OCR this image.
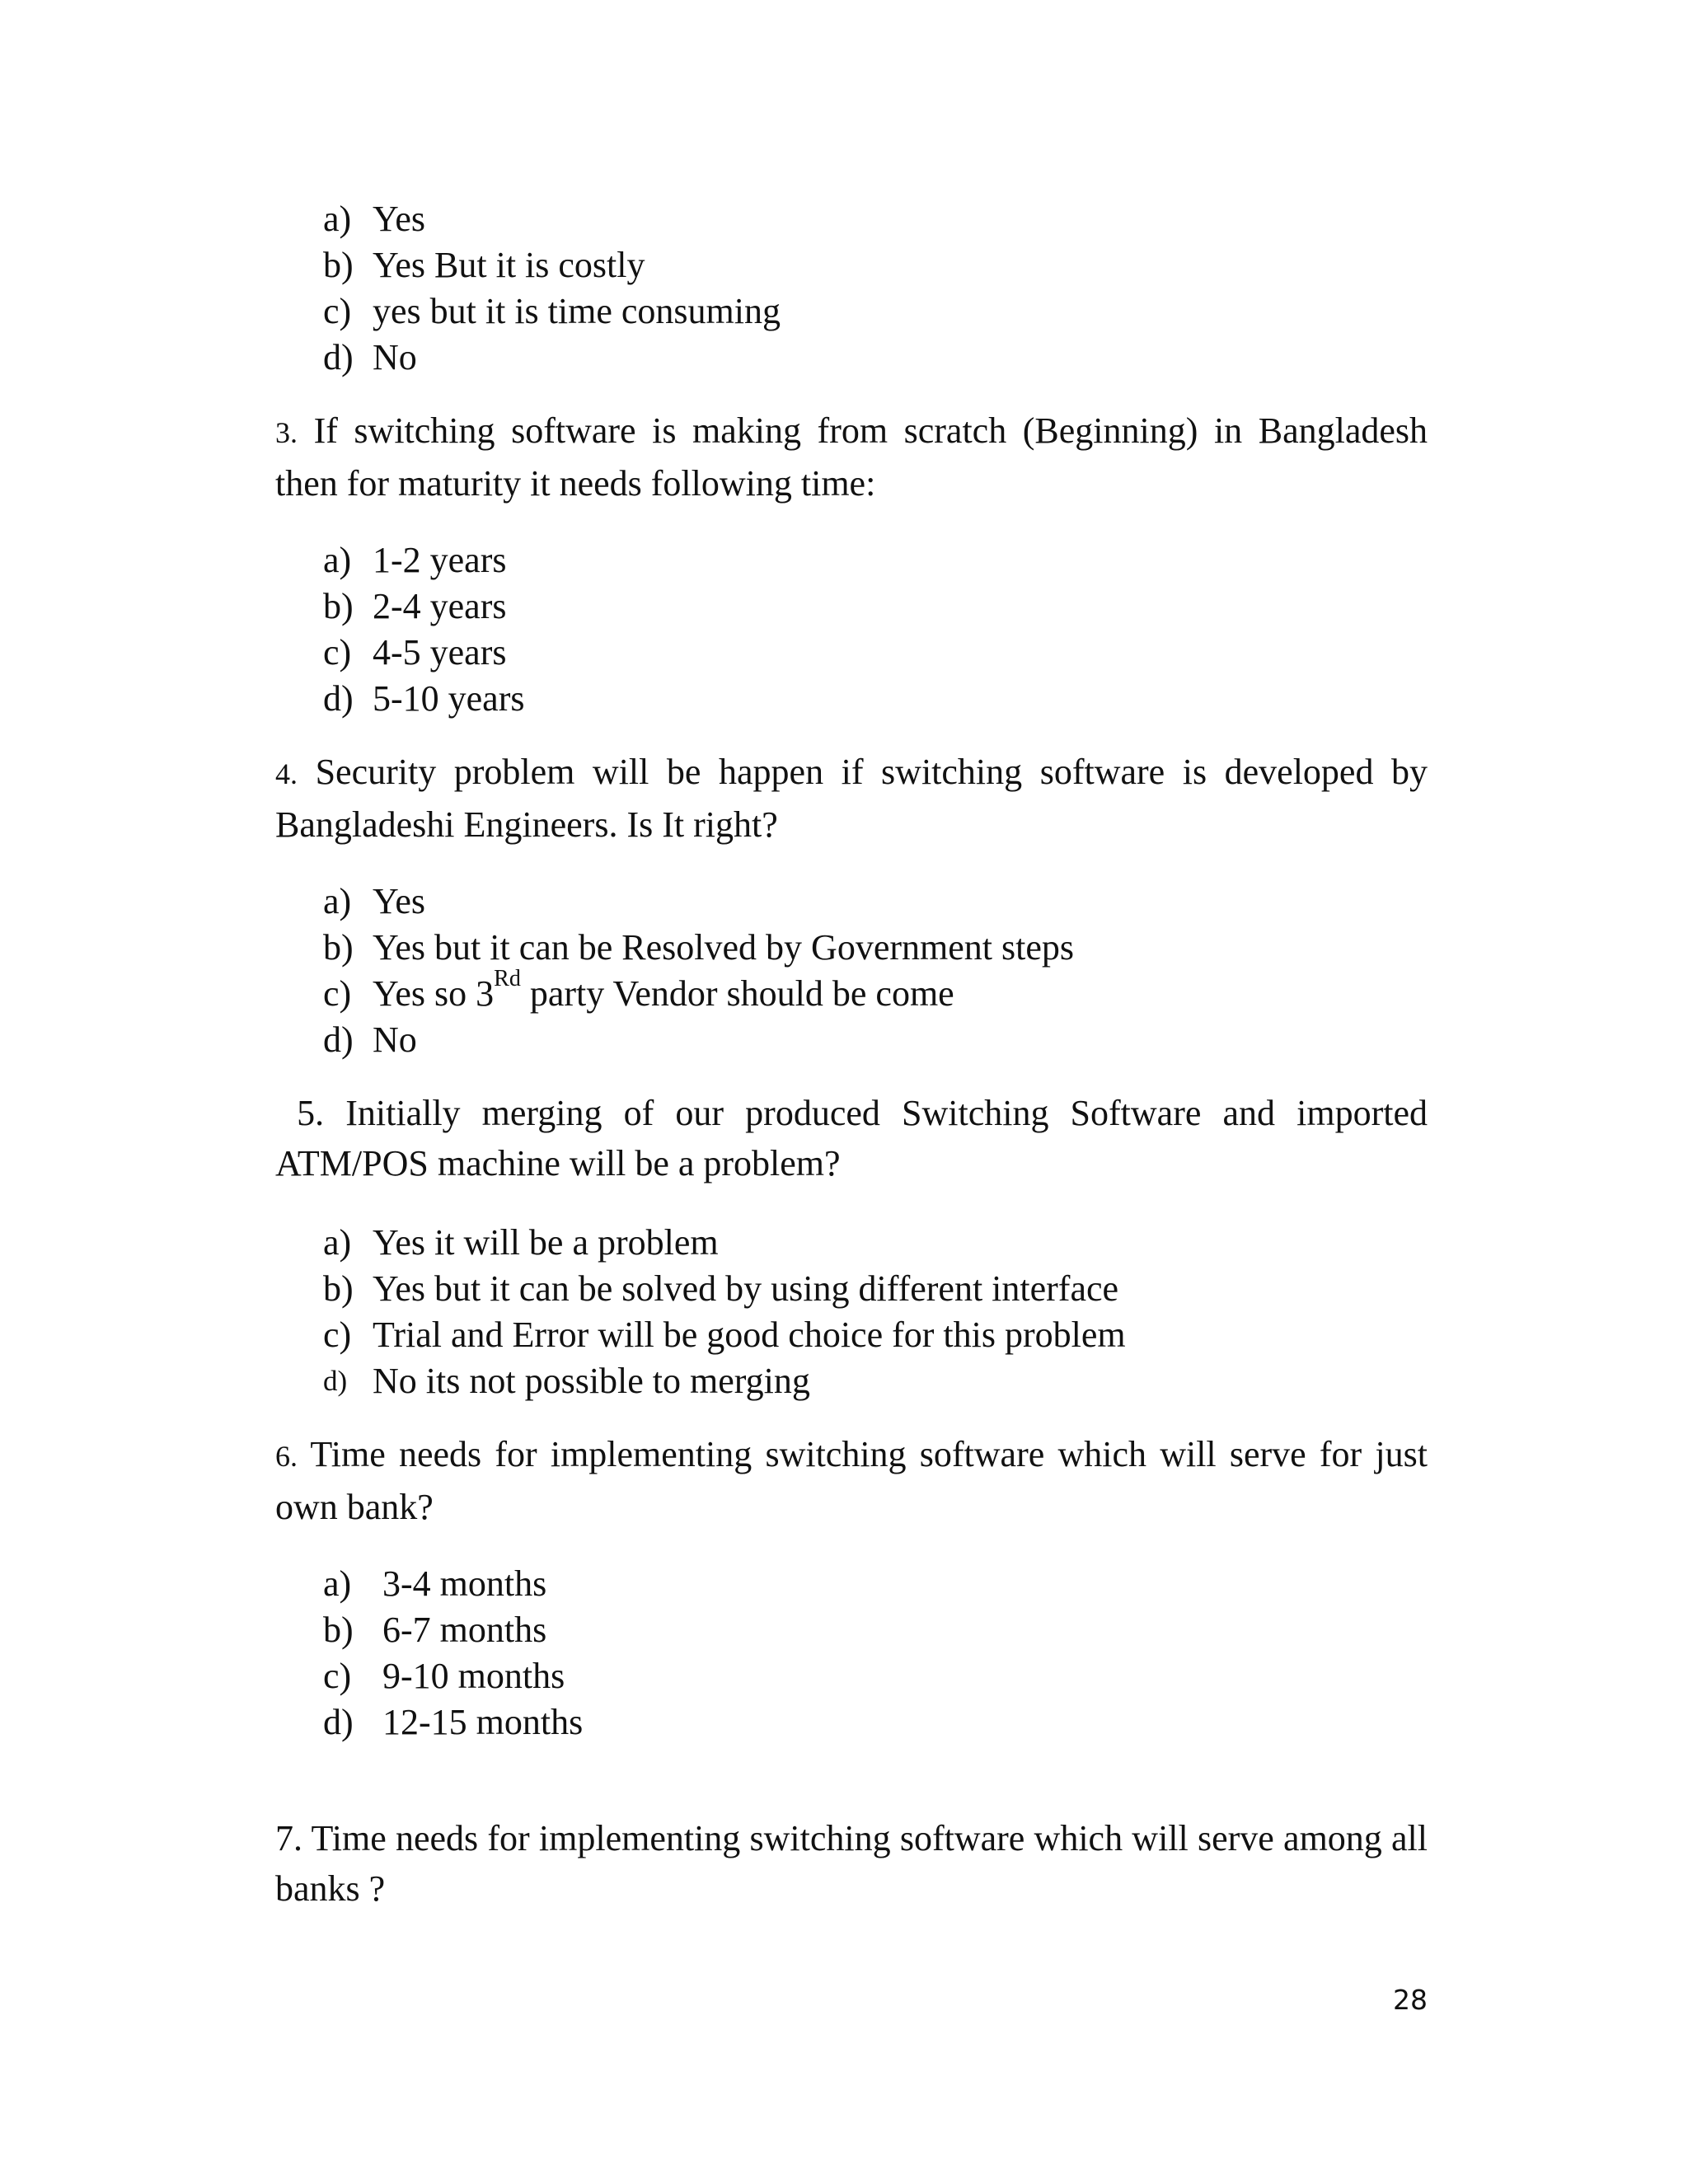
a) Yes
b) Yes But it is costly
c) yes but it is time consuming
d) No

3. If switching software is making from scratch (Beginning) in Bangladesh then for maturity it needs following time:

a) 1-2 years
b) 2-4 years
c) 4-5 years
d) 5-10 years

4. Security problem will be happen if switching software is developed by Bangladeshi Engineers. Is It right?

a) Yes
b) Yes but it can be Resolved by Government steps
c) Yes so 3Rd party Vendor should be come
d) No

5. Initially merging of our produced Switching Software and imported ATM/POS machine will be a problem?

a) Yes it will be a problem
b) Yes but it can be solved by using different interface
c) Trial and Error will be good choice for this problem
d) No its not possible to merging

6. Time needs for implementing switching software which will serve for just own bank?

a) 3-4 months
b) 6-7 months
c) 9-10 months
d) 12-15 months

7. Time needs for implementing switching software which will serve among all banks ?

28
